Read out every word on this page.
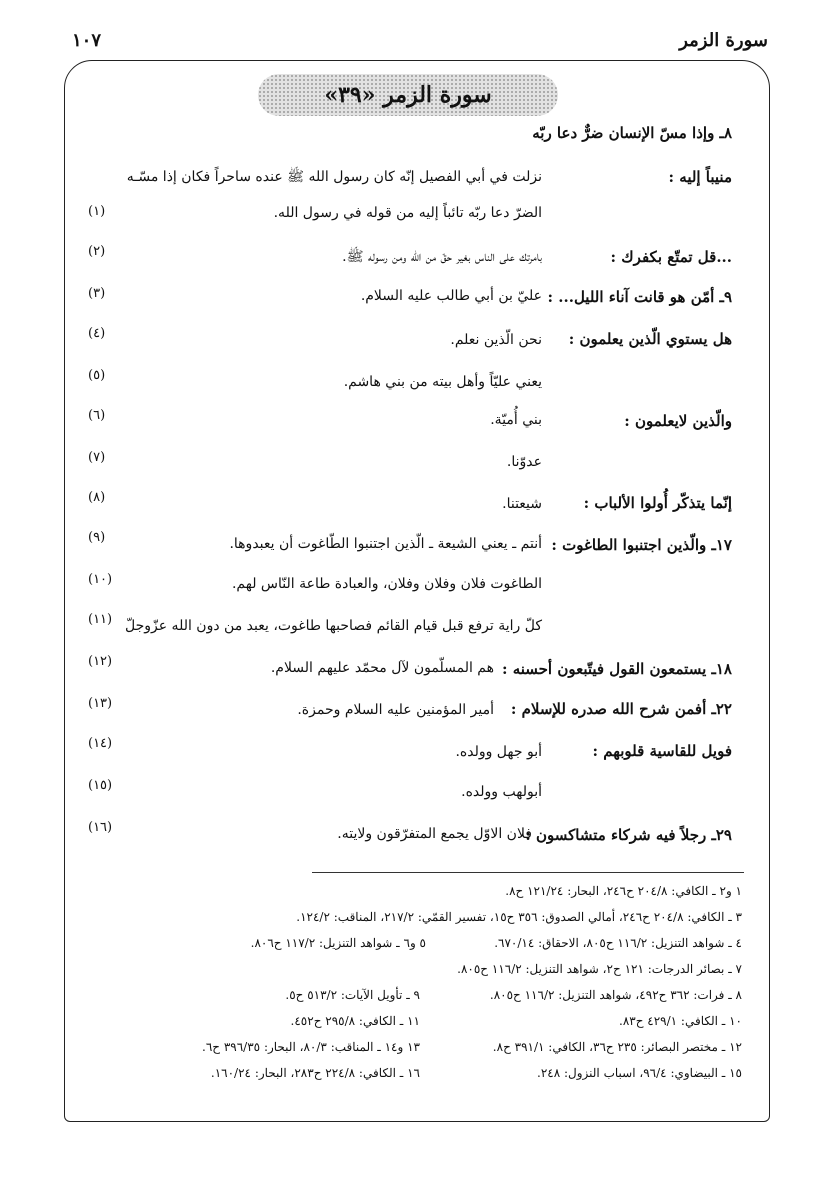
سورة الزمر
١٠٧
سورة الزمر «٣٩»
٨ـ وإذا مسّ الإنسان ضرٌّ دعا ربّه
منيباً إليه :
نزلت في أبي الفصيل إنّه كان رسول الله ﷺ عنده ساحراً فكان إذا مسّـه
الضرّ دعا ربّه تائباً إليه من قوله في رسول الله.
(١)
...قل تمتّع بكفرك :
بامرتك على الناس بغير حقّ من الله ومن رسوله ﷺ.
(٢)
٩ـ أمّن هو قانت آناء الليل... :
عليّ بن أبي طالب عليه السلام.
(٣)
هل يستوي الّذين يعلمون :
نحن الّذين نعلم.
(٤)
يعني عليّاً وأهل بيته من بني هاشم.
(٥)
والّذين لايعلمون :
بني أُميّة.
(٦)
عدوّنا.
(٧)
إنّما يتذكّر أُولوا الألباب :
شيعتنا.
(٨)
١٧ـ والّذين اجتنبوا الطاغوت :
أنتم ـ يعني الشيعة ـ الّذين اجتنبوا الطّاغوت أن يعبدوها.
(٩)
الطاغوت فلان وفلان وفلان، والعبادة طاعة النّاس لهم.
(١٠)
كلّ راية ترفع قبل قيام القائم فصاحبها طاغوت، يعبد من دون الله عزّوجلّ
(١١)
١٨ـ يستمعون القول فيتّبعون أحسنه :
هم المسلّمون لآل محمّد عليهم السلام.
(١٢)
٢٢ـ أفمن شرح الله صدره للإسلام :
أمير المؤمنين عليه السلام وحمزة.
(١٣)
فويل للقاسية قلوبهم :
أبو جهل وولده.
(١٤)
أبولهب وولده.
(١٥)
٢٩ـ رجلاً فيه شركاء متشاكسون :
فلان الاوّل يجمع المتفرّقون ولايته.
(١٦)
١ و٢ ـ الكافي: ٢٠٤/٨ ح٢٤٦، البحار: ١٢١/٢٤ ح٨.
٣ ـ الكافي: ٢٠٤/٨ ح٢٤٦، أمالي الصدوق: ٣٥٦ ح١٥، تفسير القمّي: ٢١٧/٢، المناقب: ١٢٤/٢.
٤ ـ شواهد التنزيل: ١١٦/٢ ح٨٠٥، الاحقاق: ٦٧٠/١٤.
٥ و٦ ـ شواهد التنزيل: ١١٧/٢ ح٨٠٦.
٧ ـ بصائر الدرجات: ١٢١ ح٢، شواهد التنزيل: ١١٦/٢ ح٨٠٥.
٨ ـ فرات: ٣٦٢ ح٤٩٢، شواهد التنزيل: ١١٦/٢ ح٨٠٥.
٩ ـ تأويل الآيات: ٥١٣/٢ ح٥.
١٠ ـ الكافي: ٤٢٩/١ ح٨٣.
١١ ـ الكافي: ٢٩٥/٨ ح٤٥٢.
١٢ ـ مختصر البصائر: ٢٣٥ ح٣٦، الكافي: ٣٩١/١ ح٨.
١٣ و١٤ ـ المناقب: ٨٠/٣، البحار: ٣٩٦/٣٥ ح٦.
١٥ ـ البيضاوي: ٩٦/٤، اسباب النزول: ٢٤٨.
١٦ ـ الكافي: ٢٢٤/٨ ح٢٨٣، البحار: ١٦٠/٢٤.
